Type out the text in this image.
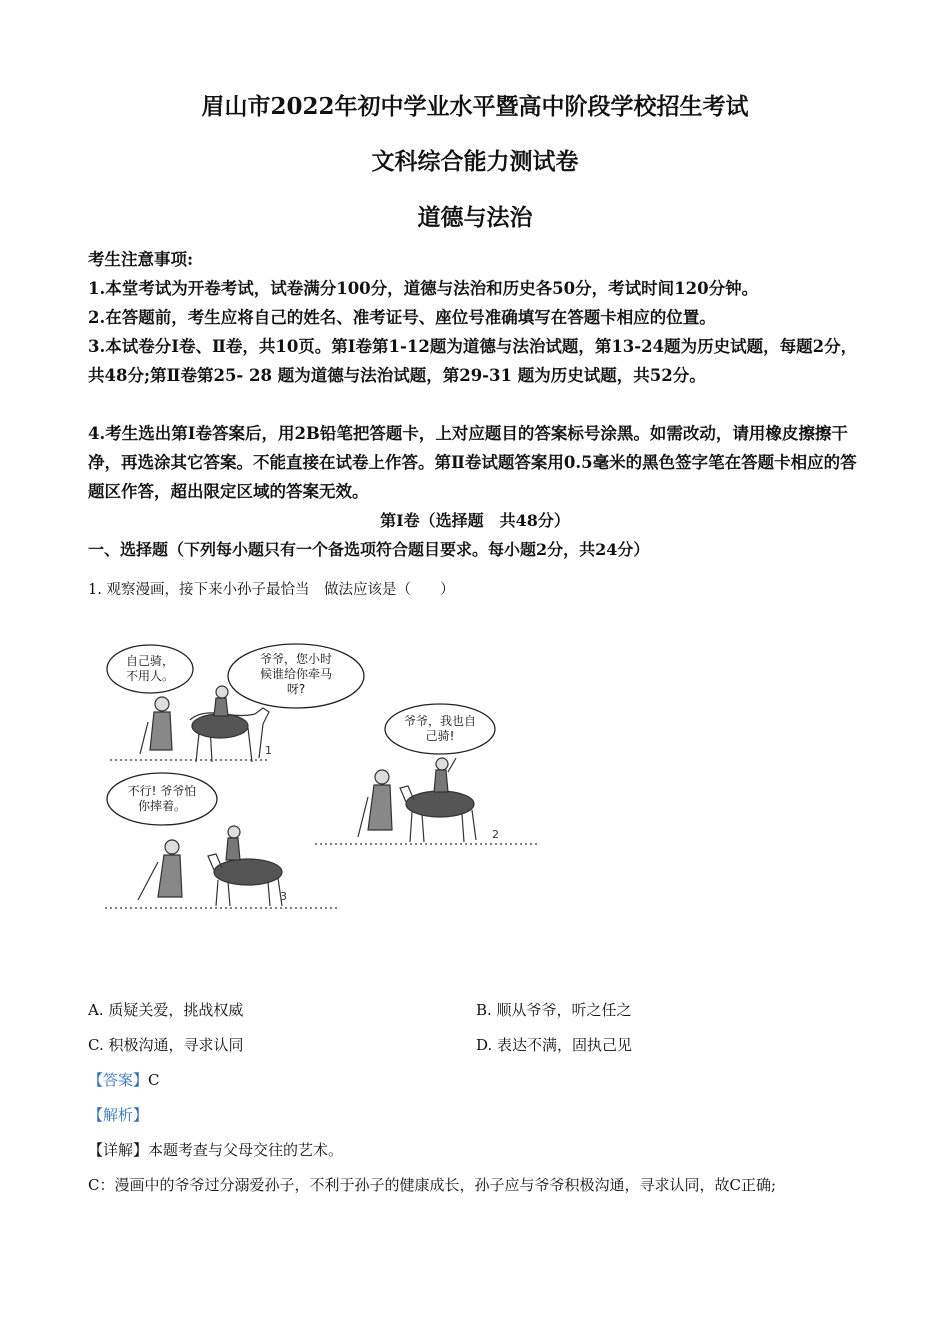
眉山市2022年初中学业水平暨高中阶段学校招生考试
文科综合能力测试卷
道德与法治
考生注意事项:
1.本堂考试为开卷考试，试卷满分100分，道德与法治和历史各50分，考试时间120分钟。
2.在答题前，考生应将自己的姓名、准考证号、座位号准确填写在答题卡相应的位置。
3.本试卷分Ⅰ卷、Ⅱ卷，共10页。第Ⅰ卷第1-12题为道德与法治试题，第13-24题为历史试题，每题2分，共48分;第Ⅱ卷第25- 28 题为道德与法治试题，第29-31 题为历史试题，共52分。
4.考生选出第Ⅰ卷答案后，用2B铅笔把答题卡，上对应题目的答案标号涂黑。如需改动，请用橡皮擦擦干净，再选涂其它答案。不能直接在试卷上作答。第Ⅱ卷试题答案用0.5毫米的黑色签字笔在答题卡相应的答题区作答，超出限定区域的答案无效。
第Ⅰ卷（选择题　共48分）
一、选择题（下列每小题只有一个备选项符合题目要求。每小题2分，共24分）
1. 观察漫画，接下来小孙子最恰当　做法应该是（　　）
自己骑，
不用人。
爷爷，您小时
候谁给你牵马
呀?
1
爷爷，我也自
己骑!
2
不行! 爷爷怕
你摔着。
3
A. 质疑关爱，挑战权威	B. 顺从爷爷，听之任之
C. 积极沟通，寻求认同	D. 表达不满，固执己见
【答案】C
【解析】
【详解】本题考查与父母交往的艺术。
C：漫画中的爷爷过分溺爱孙子，不利于孙子的健康成长，孙子应与爷爷积极沟通，寻求认同，故C正确;
